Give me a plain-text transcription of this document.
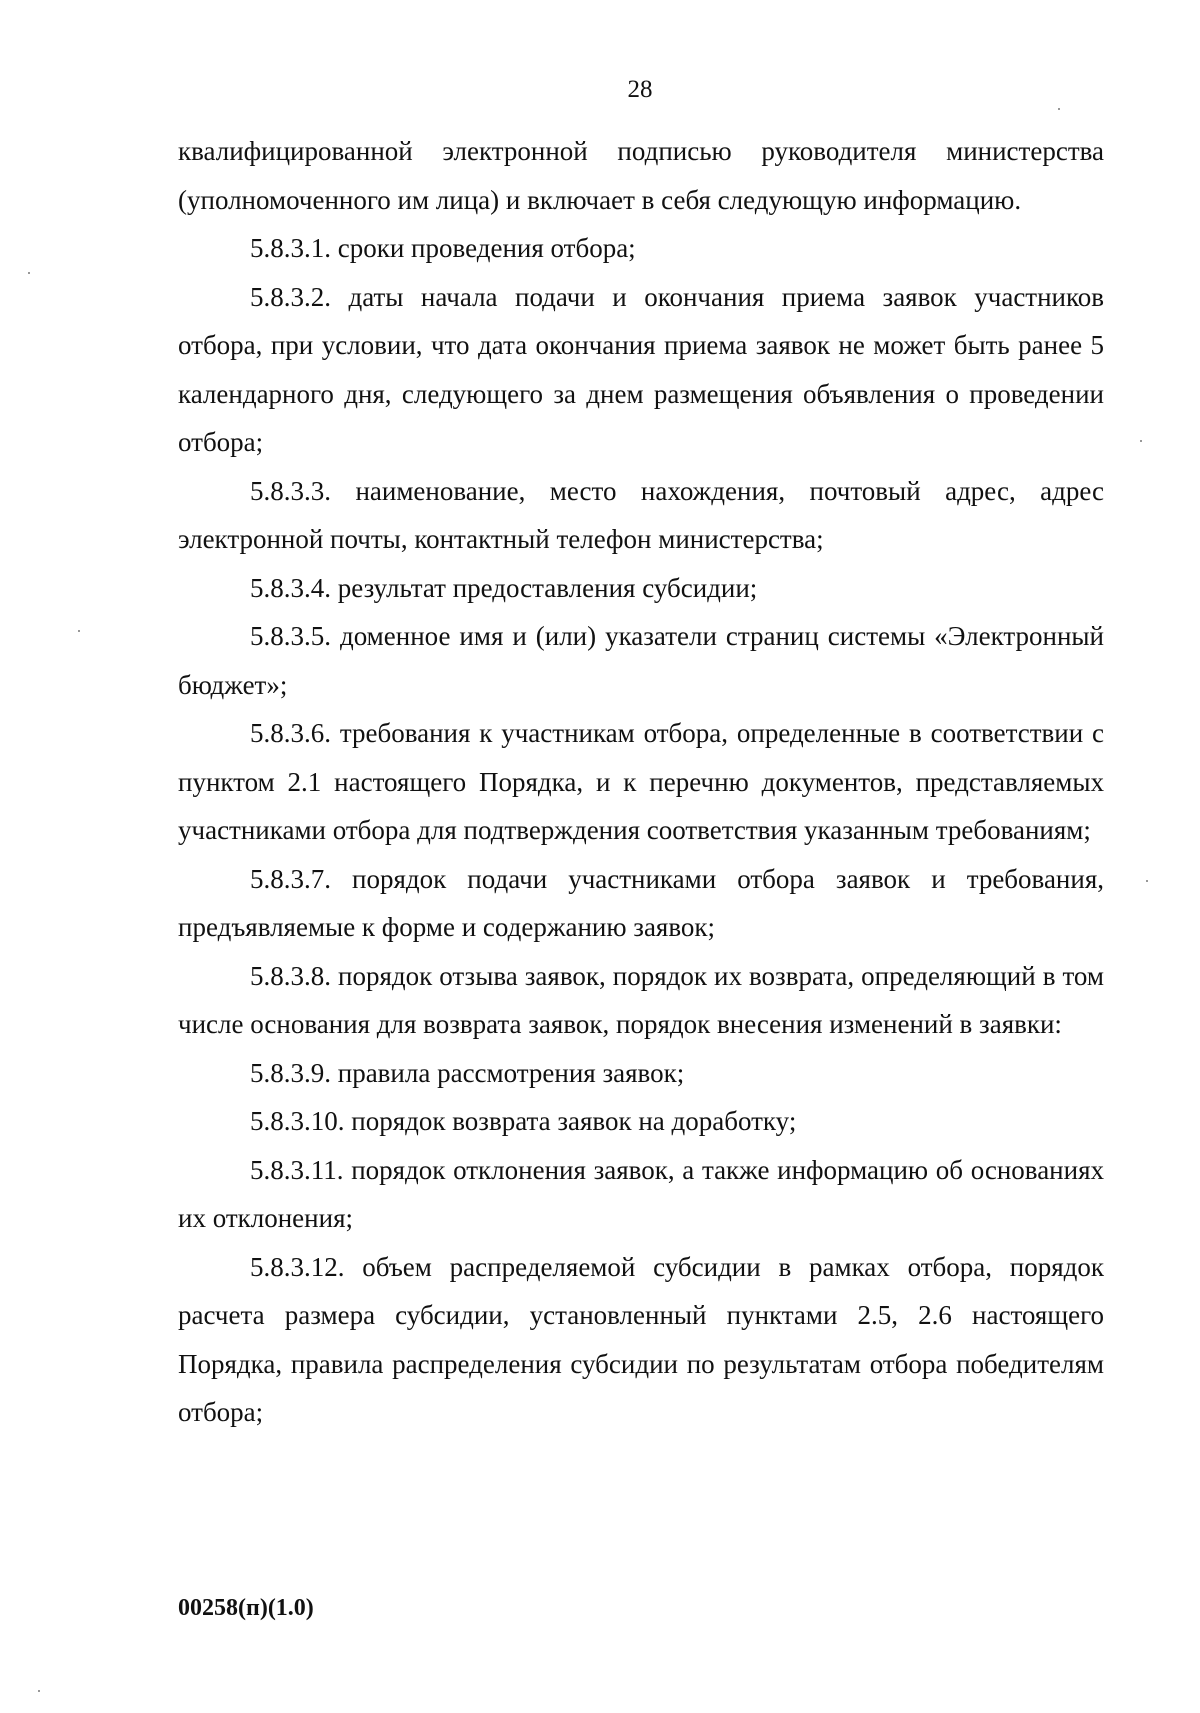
28

квалифицированной электронной подписью руководителя министерства (уполномоченного им лица) и включает в себя следующую информацию.

5.8.3.1. сроки проведения отбора;

5.8.3.2. даты начала подачи и окончания приема заявок участников отбора, при условии, что дата окончания приема заявок не может быть ранее 5 календарного дня, следующего за днем размещения объявления о проведении отбора;

5.8.3.3. наименование, место нахождения, почтовый адрес, адрес электронной почты, контактный телефон министерства;

5.8.3.4. результат предоставления субсидии;

5.8.3.5. доменное имя и (или) указатели страниц системы «Электронный бюджет»;

5.8.3.6. требования к участникам отбора, определенные в соответствии с пунктом 2.1 настоящего Порядка, и к перечню документов, представляемых участниками отбора для подтверждения соответствия указанным требованиям;

5.8.3.7. порядок подачи участниками отбора заявок и требования, предъявляемые к форме и содержанию заявок;

5.8.3.8. порядок отзыва заявок, порядок их возврата, определяющий в том числе основания для возврата заявок, порядок внесения изменений в заявки:

5.8.3.9. правила рассмотрения заявок;

5.8.3.10. порядок возврата заявок на доработку;

5.8.3.11. порядок отклонения заявок, а также информацию об основаниях их отклонения;

5.8.3.12. объем распределяемой субсидии в рамках отбора, порядок расчета размера субсидии, установленный пунктами 2.5, 2.6 настоящего Порядка, правила распределения субсидии по результатам отбора победителям отбора;

00258(п)(1.0)
